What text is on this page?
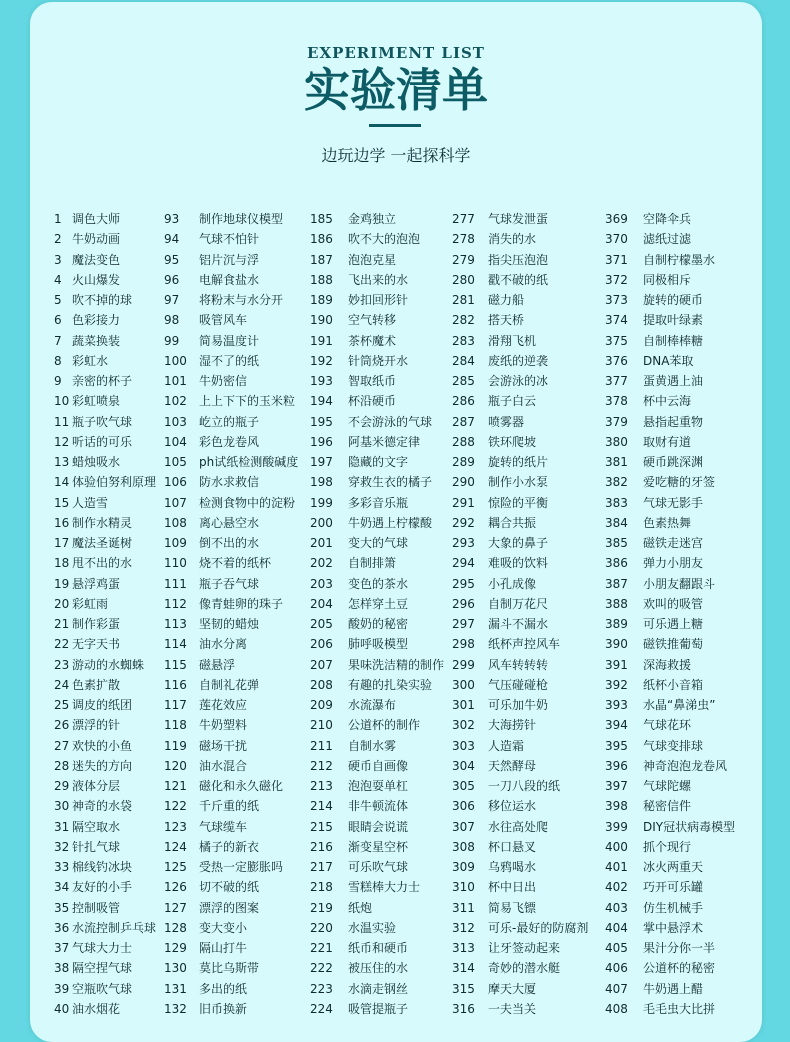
EXPERIMENT LIST
实验清单
边玩边学 一起探科学
1 调色大师
2 牛奶动画
3 魔法变色
4 火山爆发
5 吹不掉的球
6 色彩接力
7 蔬菜换装
8 彩虹水
9 亲密的杯子
10 彩虹喷泉
11 瓶子吹气球
12 听话的可乐
13 蜡烛吸水
14 体验伯努利原理
15 人造雪
16 制作水精灵
17 魔法圣诞树
18 甩不出的水
19 悬浮鸡蛋
20 彩虹雨
21 制作彩蛋
22 无字天书
23 游动的水蜘蛛
24 色素扩散
25 调皮的纸团
26 漂浮的针
27 欢快的小鱼
28 迷失的方向
29 液体分层
30 神奇的水袋
31 隔空取水
32 针扎气球
33 棉线钓冰块
34 友好的小手
35 控制吸管
36 水流控制乒乓球
37 气球大力士
38 隔空捏气球
39 空瓶吹气球
40 油水烟花
93	制作地球仪模型
94	气球不怕针
95	铝片沉与浮
96	电解食盐水
97	将粉末与水分开
98	吸管风车
99	简易温度计
100	湿不了的纸
101	牛奶密信
102	上上下下的玉米粒
103	屹立的瓶子
104	彩色龙卷风
105	ph试纸检测酸碱度
106	防水求救信
107	检测食物中的淀粉
108	离心悬空水
109	倒不出的水
110	烧不着的纸杯
111	瓶子吞气球
112	像青蛙卵的珠子
113	坚韧的蜡烛
114	油水分离
115	磁悬浮
116	自制礼花弹
117	莲花效应
118	牛奶塑料
119	磁场干扰
120	油水混合
121	磁化和永久磁化
122	千斤重的纸
123	气球缆车
124	橘子的新衣
125	受热一定膨胀吗
126	切不破的纸
127	漂浮的图案
128	变大变小
129	隔山打牛
130	莫比乌斯带
131	多出的纸
132	旧币换新
185	金鸡独立
186	吹不大的泡泡
187	泡泡克星
188	飞出来的水
189	妙扣回形针
190	空气转移
191	茶杯魔术
192	针筒烧开水
193	智取纸币
194	杯沿硬币
195	不会游泳的气球
196	阿基米德定律
197	隐藏的文字
198	穿救生衣的橘子
199	多彩音乐瓶
200	牛奶遇上柠檬酸
201	变大的气球
202	自制排箫
203	变色的茶水
204	怎样穿土豆
205	酸奶的秘密
206	肺呼吸模型
207	果味洗洁精的制作
208	有趣的扎染实验
209	水流瀑布
210	公道杯的制作
211	自制水雾
212	硬币自画像
213	泡泡耍单杠
214	非牛顿流体
215	眼睛会说谎
216	渐变星空杯
217	可乐吹气球
218	雪糕棒大力士
219	纸炮
220	水温实验
221	纸币和硬币
222	被压住的水
223	水滴走钢丝
224	吸管提瓶子
277	气球发泄蛋
278	消失的水
279	指尖压泡泡
280	戳不破的纸
281	磁力船
282	搭天桥
283	滑翔飞机
284	废纸的逆袭
285	会游泳的冰
286	瓶子白云
287	喷雾器
288	铁环爬坡
289	旋转的纸片
290	制作小水泵
291	惊险的平衡
292	耦合共振
293	大象的鼻子
294	难吸的饮料
295	小孔成像
296	自制万花尺
297	漏斗不漏水
298	纸杯声控风车
299	风车转转转
300	气压碰碰枪
301	可乐加牛奶
302	大海捞针
303	人造霜
304	天然酵母
305	一刀八段的纸
306	移位运水
307	水往高处爬
308	杯口悬叉
309	乌鸦喝水
310	杯中日出
311	简易飞镖
312	可乐-最好的防腐剂
313	让牙签动起来
314	奇妙的潜水艇
315	摩天大厦
316	一夫当关
369	空降伞兵
370	滤纸过滤
371	自制柠檬墨水
372	同极相斥
373	旋转的硬币
374	提取叶绿素
375	自制棒棒糖
376	DNA苯取
377	蛋黄遇上油
378	杯中云海
379	悬指起重物
380	取财有道
381	硬币跳深渊
382	爱吃糖的牙签
383	气球无影手
384	色素热舞
385	磁铁走迷宫
386	弹力小朋友
387	小朋友翻跟斗
388	欢叫的吸管
389	可乐遇上糖
390	磁铁推葡萄
391	深海救援
392	纸杯小音箱
393	水晶“鼻涕虫”
394	气球花环
395	气球变排球
396	神奇泡泡龙卷风
397	气球陀螺
398	秘密信件
399	DIY冠状病毒模型
400	抓个现行
401	冰火两重天
402	巧开可乐罐
403	仿生机械手
404	掌中悬浮术
405	果汁分你一半
406	公道杯的秘密
407	牛奶遇上醋
408	毛毛虫大比拼
